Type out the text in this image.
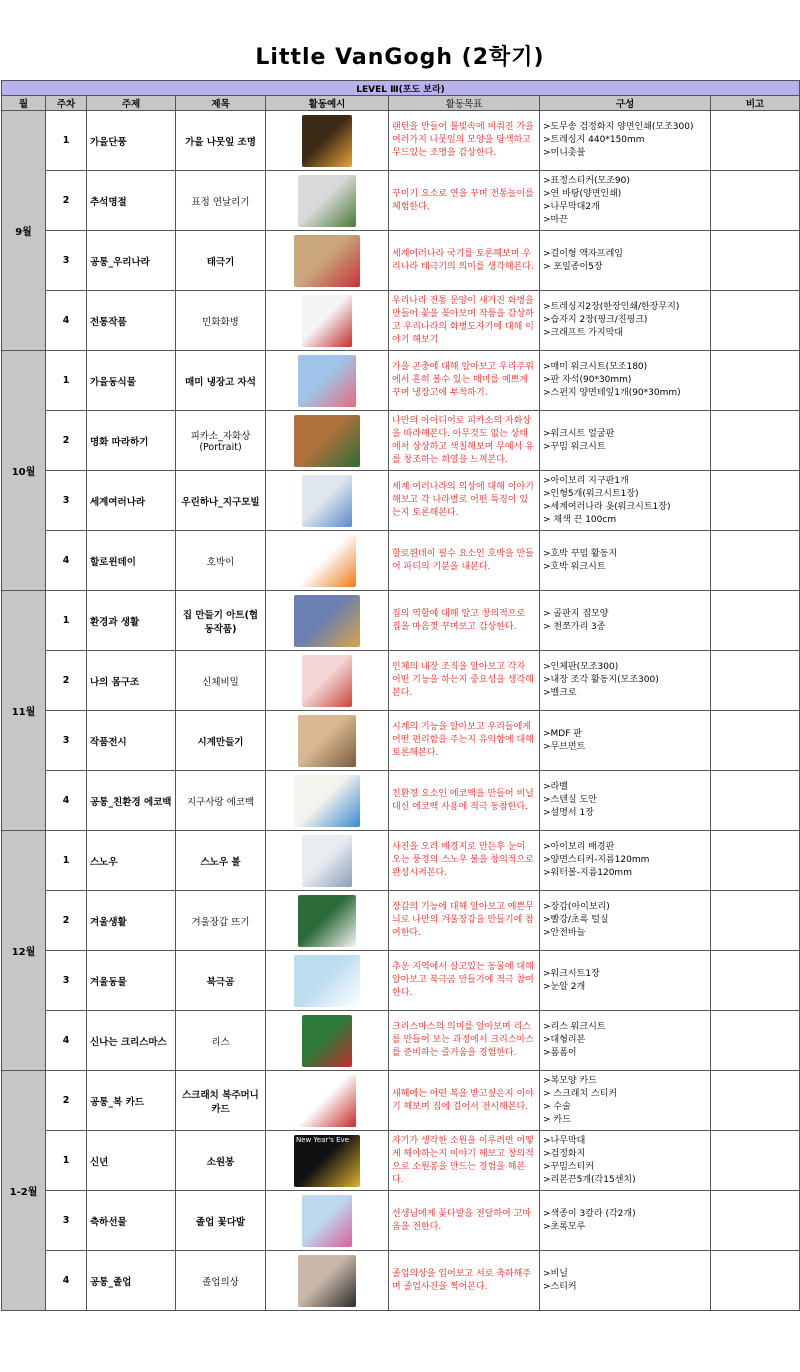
Little VanGogh (2학기)
LEVEL Ⅲ(포도 보라)							
월	주차	주제	제목	활동예시	활동목표	구성	비고
9월	1	가을단풍	가을 나뭇잎 조명		랜턴을 만들어 불빛속에 비춰진 가을 여러가지 나뭇잎의 모양을 탐색하고 무드있는 조명을 감상한다.	>도무송 검정화지 양면인쇄(모조300)
>트레싱지 440*150mm
>미니촛불	

	2	추석명절	표정 연날리기		꾸미기 요소로 연을 꾸며 전통놀이를 체험한다.	>표정스티커(모조90)
>연 바탕(양면인쇄)
>나무막대2개
>마끈	

	3	공통_우리나라	태극기		세계여러나라 국기를 토론해보며 우리나라 태극기의 의미를 생각해본다.	>걸이형 액자프레임
> 포일종이5장	

	4	전통작품	민화화병		우리나라 전통 문양이 새겨진 화병을 만들어 꽃을 꽂아보며 작품을 감상하고 우리나라의 화병도자기에 대해 이야기 해보기	>트레싱지2장(한장인쇄/한장무지)
>습자지 2장(핑크/진핑크)
>크래프트 가지막대	

10월	1	가을동식물	매미 냉장고 자석		가을 곤충에 대해 알아보고 우리주위에서 흔히 볼수 있는 매미를 예쁘게 꾸며 냉장고에 부착하기.	>매미 워크시트(모조180)
>판 자석(90*30mm)
>스펀지 양면테잎1개(90*30mm)	

	2	명화 따라하기	피카소_자화상 (Portrait)		나만의 아이디어로 피카소의 자화상을 따라해본다. 아무것도 없는 상태에서 상상하고 색칠해보며 무에서 유를 창조하는 희열을 느껴본다.	>워크시트 얼굴판
>꾸밈 워크시트	

	3	세계여러나라	우린하나_지구모빌		세계 여러나라의 의상에 대해 이야기 해보고 각 나라별로 어떤 특징이 있는지 토론해본다.	>아이보리 지구판1개
>인형5개(워크시트1장)
>세계여러나라 옷(워크시트1장)
> 채색 끈 100cm	

	4	할로윈데이	호박이		할로윈데이 필수 요소인 호박을 만들어 파티의 기분을 내본다.	>호박 꾸밈 활동지
>호박 워크시트	

11월	1	환경과 생활	집 만들기 아트(협동작품)		집의 역할에 대해 알고 창의적으로 집을 마음껏 꾸며보고 감상한다.	> 골판지 집모양
> 천쪼가리 3종	

	2	나의 몸구조	신체비밀		인체의 내장 조직을 알아보고 각자 어떤 기능을 하는지 중요성을 생각해본다.	>인체판(모조300)
>내장 조각 활동지(모조300)
>벨크로	

	3	작품전시	시계만들기		시계의 기능을 알아보고 우리들에게 어떤 편리함을 주는지 유익함에 대해 토론해본다.	>MDF 판
>무브먼트	

	4	공통_친환경 에코백	지구사랑 에코백		친환경 요소인 에코백을 만들어 비닐 대신 에코백 사용에 적극 동참한다.	>라벨
>스텐실 도안
>설명서 1장	

12월	1	스노우	스노우 볼		사진을 오려 배경지로 만든후 눈이 오는 풍경의 스노우 볼을 창의적으로 완성시켜본다.	>아이보리 배경판
>양면스티커-지름120mm
>워터볼-지름120mm	

	2	겨울생활	겨울장갑 뜨기		장갑의 기능에 대해 알아보고 예쁜무늬로 나만의 겨울장갑을 만들기에 참여한다.	>장갑(아이보리)
>빨강/초록 털실
>안전바늘	

	3	겨울동물	북극곰		추운 지역에서 살고있는 동물에 대해 알아보고 북극곰 만들기에 적극 참여한다.	>워크시트1장
>눈알 2개	

	4	신나는 크리스마스	리스		크리스마스의 의미를 알아보며 리스를 만들어 보는 과정에서 크리스마스를 준비하는 즐거움을 경험한다.	>리스 워크시트
>대형리본
>폼폼이	

1-2월	2	공통_복 카드	스크래치 복주머니 카드		새해에는 어떤 복을 받고싶은지 이야기 해보며 집에 걸어서 전시해본다.	>복모양 카드
> 스크래치 스티커
> 수술
> 카드	

	1	신년	소원봉	New Year's Eve	자기가 생각한 소원을 이루려면 어떻게 해야하는지 이야기 해보고 창의적으로 소원봉을 만드는 경험을 해본다.	>나무막대
>검정화지
>꾸밈스티커
>리본끈5개(각15센치)	

	3	축하선물	졸업 꽃다발		선생님에게 꽃다발을 전달하여 고마움을 전한다.	>색종이 3칼라 (각2개)
>초록모루	

	4	공통_졸업	졸업의상		졸업의상을 입어보고 서로 축하해주며 졸업사진을 찍어본다.	>비닐
>스티커	
